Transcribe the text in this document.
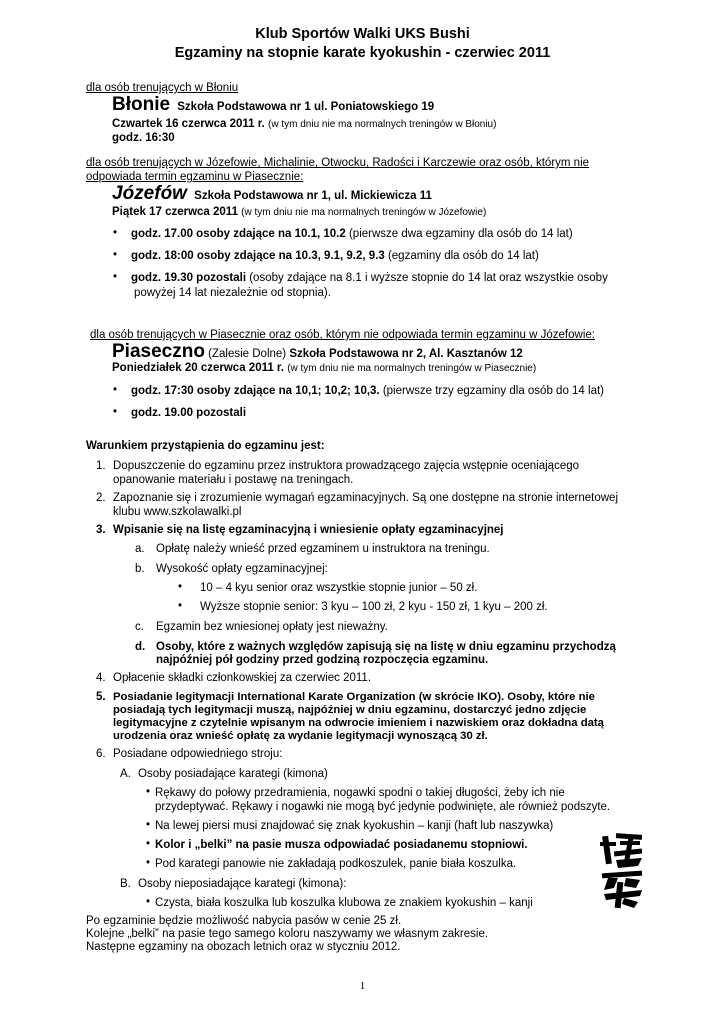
Klub Sportów Walki UKS Bushi
Egzaminy na stopnie karate kyokushin - czerwiec 2011
dla osób trenujących w Błoniu
Błonie Szkoła Podstawowa nr 1 ul. Poniatowskiego 19
Czwartek 16 czerwca 2011 r. (w tym dniu nie ma normalnych treningów w Błoniu)
godz. 16:30
dla osób trenujących w Józefowie, Michalinie, Otwocku, Radości i Karczewie oraz osób, którym nie
odpowiada termin egzaminu w Piasecznie:
Józefów Szkoła Podstawowa nr 1, ul. Mickiewicza 11
Piątek 17 czerwca 2011 (w tym dniu nie ma normalnych treningów w Józefowie)
• godz. 17.00 osoby zdające na 10.1, 10.2 (pierwsze dwa egzaminy dla osób do 14 lat)
• godz. 18:00 osoby zdające na 10.3, 9.1, 9.2, 9.3 (egzaminy dla osób do 14 lat)
• godz. 19.30 pozostali (osoby zdające na 8.1 i wyższe stopnie do 14 lat oraz wszystkie osoby
powyżej 14 lat niezależnie od stopnia).
dla osób trenujących w Piasecznie oraz osób, którym nie odpowiada termin egzaminu w Józefowie:
Piaseczno (Zalesie Dolne) Szkoła Podstawowa nr 2, Al. Kasztanów 12
Poniedziałek 20 czerwca 2011 r. (w tym dniu nie ma normalnych treningów w Piasecznie)
• godz. 17:30 osoby zdające na 10,1; 10,2; 10,3. (pierwsze trzy egzaminy dla osób do 14 lat)
• godz. 19.00 pozostali
Warunkiem przystąpienia do egzaminu jest:
1. Dopuszczenie do egzaminu przez instruktora prowadzącego zajęcia wstępnie oceniającego
opanowanie materiału i postawę na treningach.
2. Zapoznanie się i zrozumienie wymagań egzaminacyjnych. Są one dostępne na stronie internetowej
klubu www.szkolawalki.pl
3. Wpisanie się na listę egzaminacyjną i wniesienie opłaty egzaminacyjnej
a. Opłatę należy wnieść przed egzaminem u instruktora na treningu.
b. Wysokość opłaty egzaminacyjnej:
• 10 – 4 kyu senior oraz wszystkie stopnie junior – 50 zł.
• Wyższe stopnie senior: 3 kyu – 100 zł, 2 kyu - 150 zł, 1 kyu – 200 zł.
c. Egzamin bez wniesionej opłaty jest nieważny.
d. Osoby, które z ważnych względów zapisują się na listę w dniu egzaminu przychodzą
najpóźniej pół godziny przed godziną rozpoczęcia egzaminu.
4. Opłacenie składki członkowskiej za czerwiec 2011.
5. Posiadanie legitymacji International Karate Organization (w skrócie IKO). Osoby, które nie
posiadają tych legitymacji muszą, najpóźniej w dniu egzaminu, dostarczyć jedno zdjęcie
legitymacyjne z czytelnie wpisanym na odwrocie imieniem i nazwiskiem oraz dokładna datą
urodzenia oraz wnieść opłatę za wydanie legitymacji wynoszącą 30 zł.
6. Posiadane odpowiedniego stroju:
A. Osoby posiadające karategi (kimona)
• Rękawy do połowy przedramienia, nogawki spodni o takiej długości, żeby ich nie
przydeptywać. Rękawy i nogawki nie mogą być jedynie podwinięte, ale również podszyte.
• Na lewej piersi musi znajdować się znak kyokushin – kanji (haft lub naszywka)
• Kolor i „belki” na pasie musza odpowiadać posiadanemu stopniowi.
• Pod karategi panowie nie zakładają podkoszulek, panie biała koszulka.
B. Osoby nieposiadające karategi (kimona):
• Czysta, biała koszulka lub koszulka klubowa ze znakiem kyokushin – kanji
Po egzaminie będzie możliwość nabycia pasów w cenie 25 zł.
Kolejne „belki” na pasie tego samego koloru naszywamy we własnym zakresie.
Następne egzaminy na obozach letnich oraz w styczniu 2012.
1
